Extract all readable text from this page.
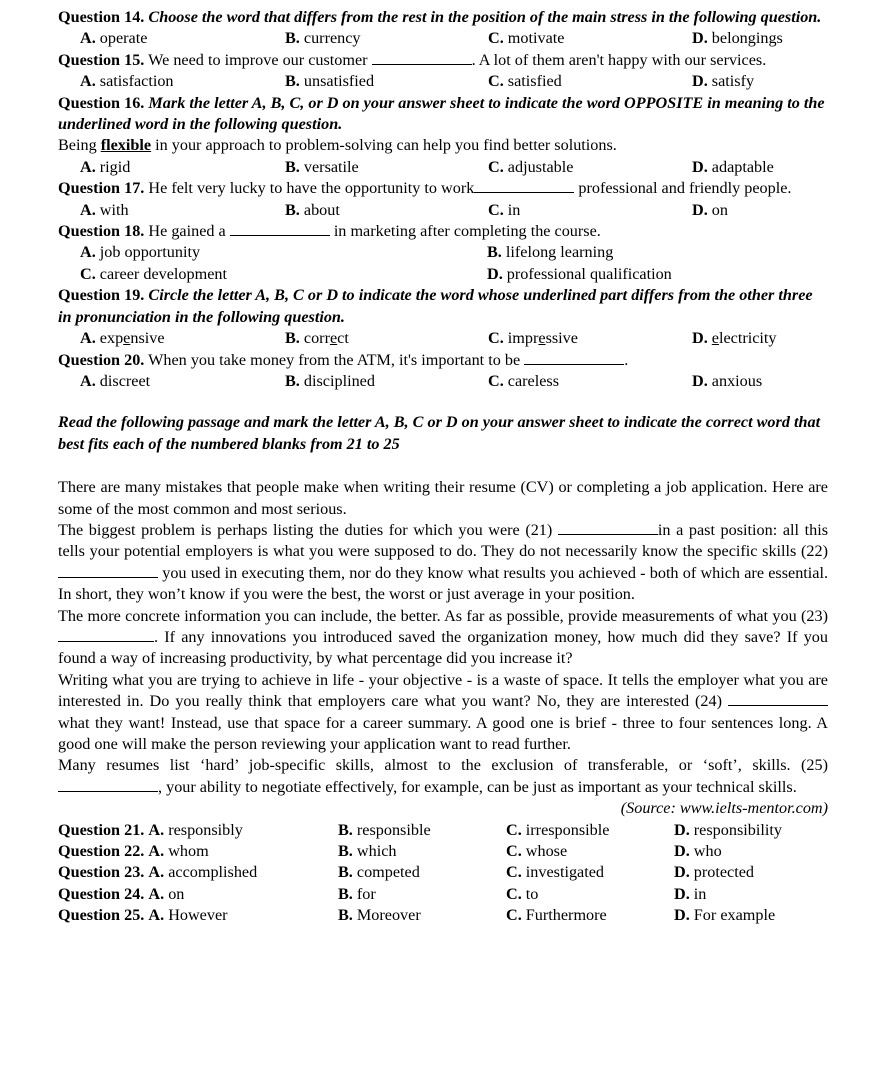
Question 14. Choose the word that differs from the rest in the position of the main stress in the following question.
A. operate	B. currency	C. motivate	D. belongings
Question 15. We need to improve our customer	. A lot of them aren't happy with our services.
A. satisfaction	B. unsatisfied	C. satisfied	D. satisfy
Question 16. Mark the letter A, B, C, or D on your answer sheet to indicate the word OPPOSITE in meaning to the underlined word in the following question.
Being flexible in your approach to problem-solving can help you find better solutions.
A. rigid	B. versatile	C. adjustable	D. adaptable
Question 17. He felt very lucky to have the opportunity to work	professional and friendly people.
A. with	B. about	C. in	D. on
Question 18. He gained a	in marketing after completing the course.
A. job opportunity	B. lifelong learning
C. career development	D. professional qualification
Question 19. Circle the letter A, B, C or D to indicate the word whose underlined part differs from the other three in pronunciation in the following question.
A. expensive	B. correct	C. impressive	D. electricity
Question 20. When you take money from the ATM, it's important to be	.
A. discreet	B. disciplined	C. careless	D. anxious
Read the following passage and mark the letter A, B, C or D on your answer sheet to indicate the correct word that best fits each of the numbered blanks from 21 to 25

There are many mistakes that people make when writing their resume (CV) or completing a job application. Here are some of the most common and most serious.

The biggest problem is perhaps listing the duties for which you were (21)	in a past position: all this tells your potential employers is what you were supposed to do. They do not necessarily know the specific skills (22)  you used in executing them, nor do they know what results you achieved - both of which are essential. In short, they won’t know if you were the best, the worst or just average in your position.

The more concrete information you can include, the better. As far as possible, provide measurements of what you (23) . If any innovations you introduced saved the organization money, how much did they save? If you found a way of increasing productivity, by what percentage did you increase it?

Writing what you are trying to achieve in life - your objective - is a waste of space. It tells the employer what you are interested in. Do you really think that employers care what you want? No, they are interested (24)  what they want! Instead, use that space for a career summary. A good one is brief - three to four sentences long. A good one will make the person reviewing your application want to read further.

Many resumes list ‘hard’ job-specific skills, almost to the exclusion of transferable, or ‘soft’, skills. (25) , your ability to negotiate effectively, for example, can be just as important as your technical skills.

(Source: www.ielts-mentor.com)
Question 21. A. responsibly	B. responsible	C. irresponsible	D. responsibility
Question 22. A. whom	B. which	C. whose	D. who
Question 23. A. accomplished	B. competed	C. investigated	D. protected
Question 24. A. on	B. for	C. to	D. in
Question 25. A. However	B. Moreover	C. Furthermore	D. For example
